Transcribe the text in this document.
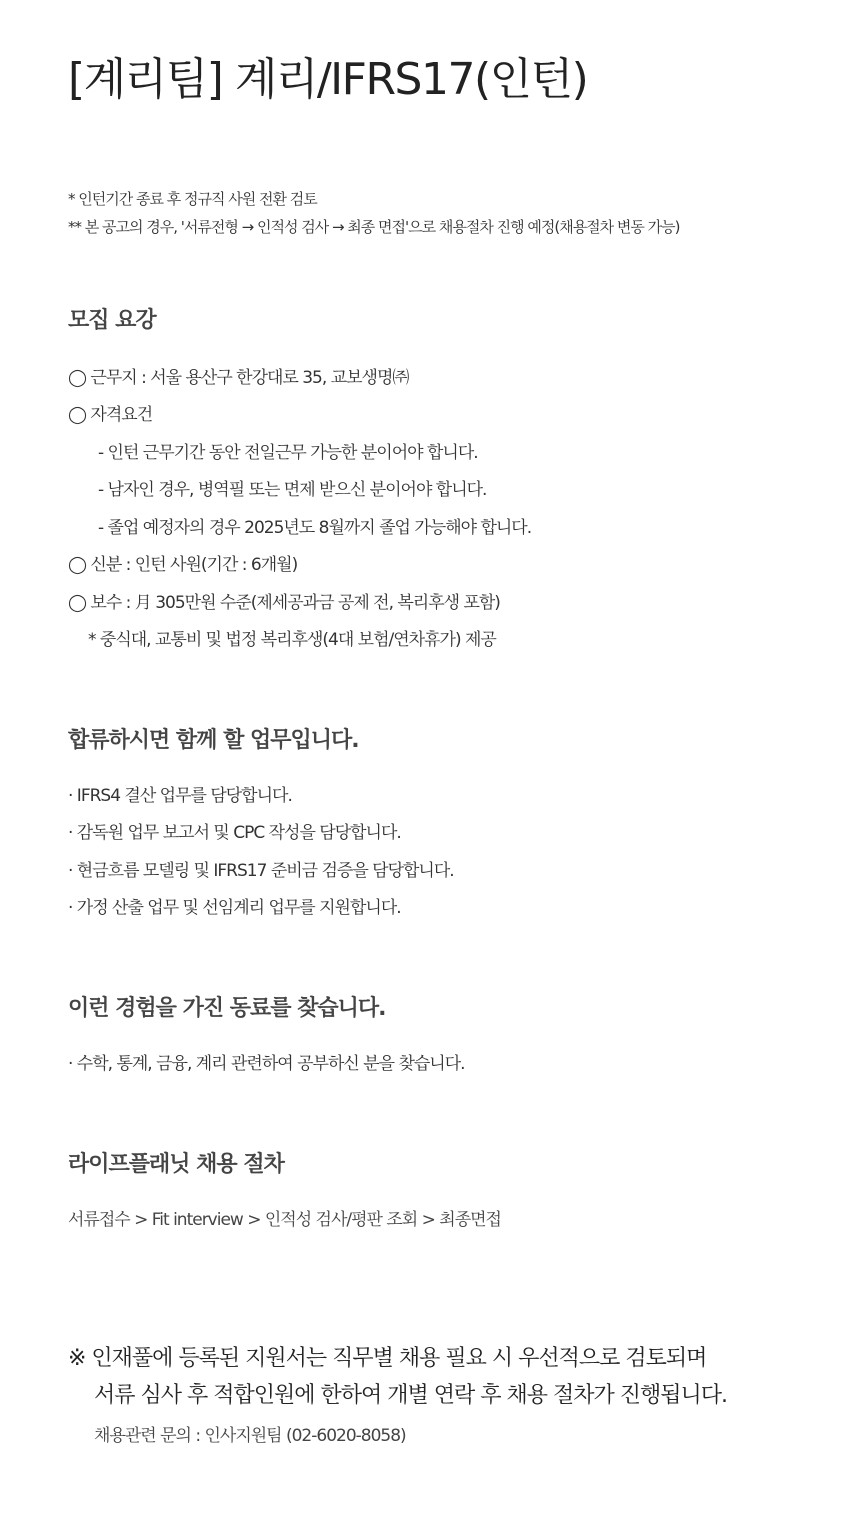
[계리팀] 계리/IFRS17(인턴)
* 인턴기간 종료 후 정규직 사원 전환 검토
** 본 공고의 경우, '서류전형 → 인적성 검사 → 최종 면접'으로 채용절차 진행 예정(채용절차 변동 가능)
모집 요강
◯ 근무지 : 서울 용산구 한강대로 35, 교보생명㈜
◯ 자격요건
- 인턴 근무기간 동안 전일근무 가능한 분이어야 합니다.
- 남자인 경우, 병역필 또는 면제 받으신 분이어야 합니다.
- 졸업 예정자의 경우 2025년도 8월까지 졸업 가능해야 합니다.
◯ 신분 : 인턴 사원(기간 : 6개월)
◯ 보수 : 月 305만원 수준(제세공과금 공제 전, 복리후생 포함)
* 중식대, 교통비 및 법정 복리후생(4대 보험/연차휴가) 제공
합류하시면 함께 할 업무입니다.
· IFRS4 결산 업무를 담당합니다.
· 감독원 업무 보고서 및 CPC 작성을 담당합니다.
· 현금흐름 모델링 및 IFRS17 준비금 검증을 담당합니다.
· 가정 산출 업무 및 선임계리 업무를 지원합니다.
이런 경험을 가진 동료를 찾습니다.
· 수학, 통계, 금융, 계리 관련하여 공부하신 분을 찾습니다.
라이프플래닛 채용 절차
서류접수 > Fit interview > 인적성 검사/평판 조회 > 최종면접
※ 인재풀에 등록된 지원서는 직무별 채용 필요 시 우선적으로 검토되며
서류 심사 후 적합인원에 한하여 개별 연락 후 채용 절차가 진행됩니다.
채용관련 문의 : 인사지원팀 (02-6020-8058)
